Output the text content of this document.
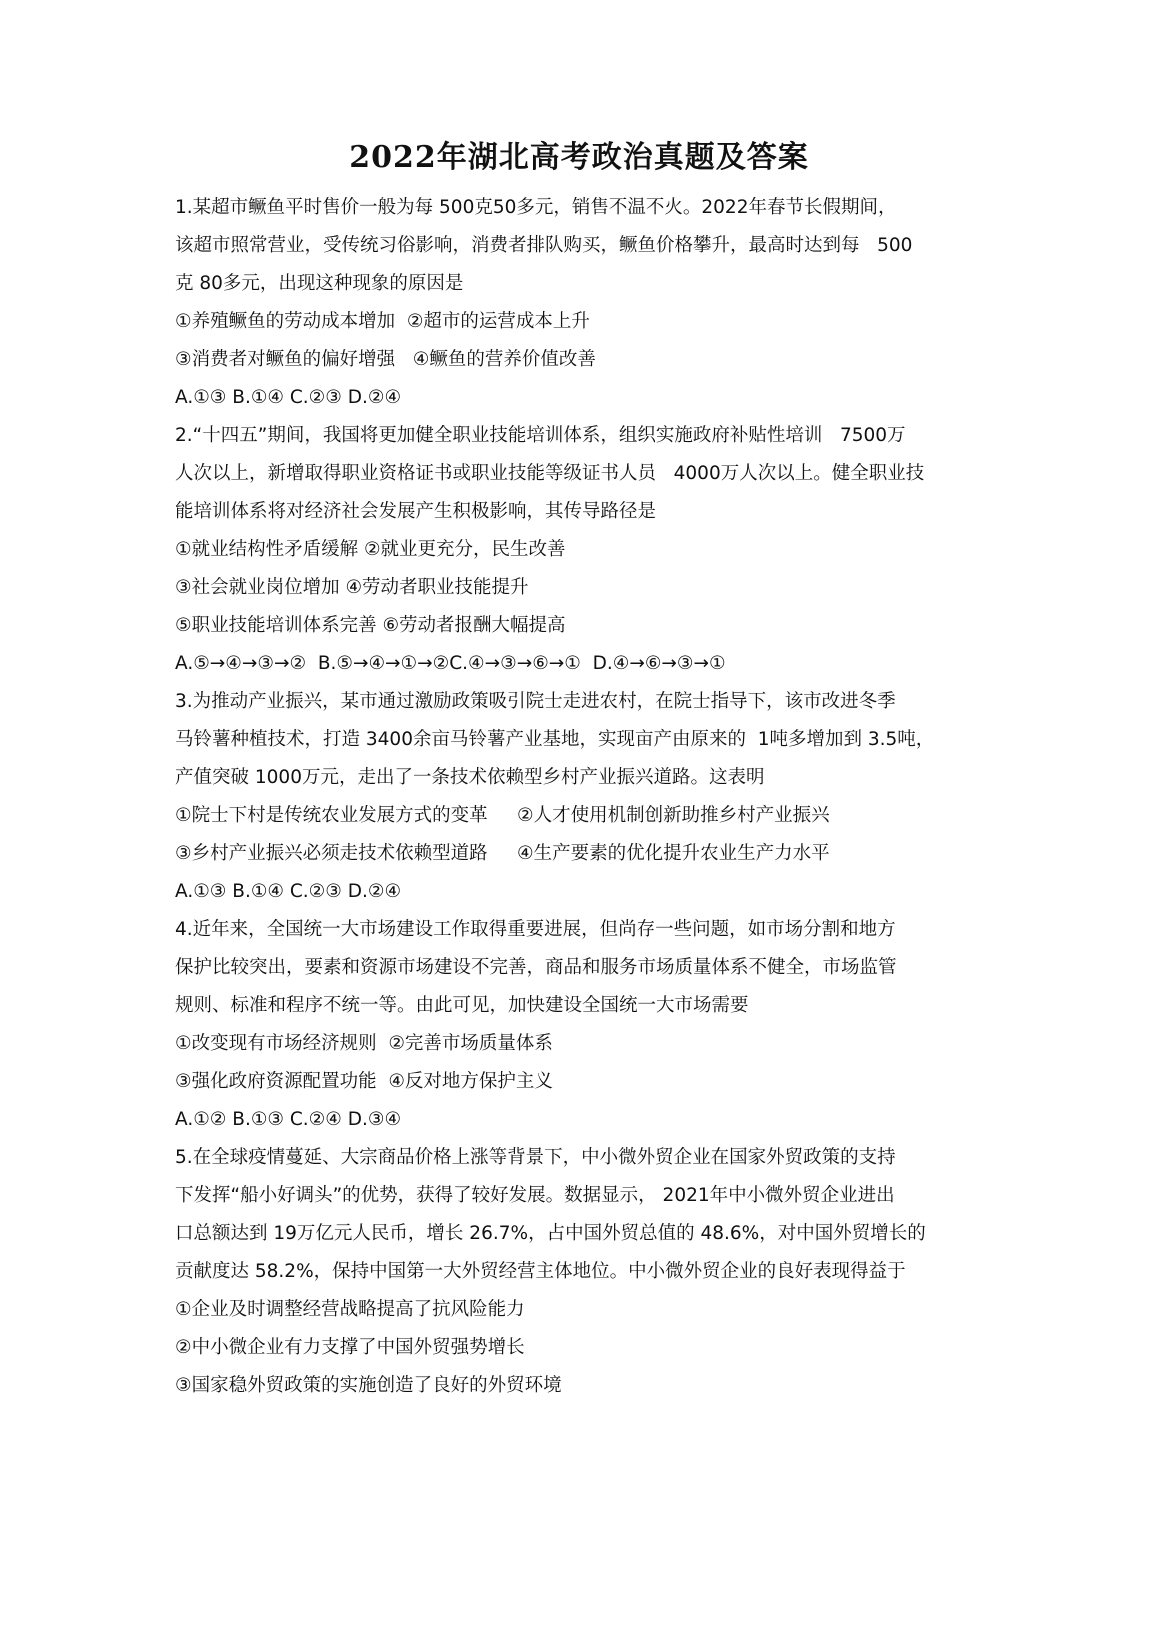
2022年湖北高考政治真题及答案
1.某超市鳜鱼平时售价一般为每 500克50多元，销售不温不火。2022年春节长假期间，
该超市照常营业，受传统习俗影响，消费者排队购买，鳜鱼价格攀升，最高时达到每   500
克 80多元，出现这种现象的原因是
①养殖鳜鱼的劳动成本增加  ②超市的运营成本上升
③消费者对鳜鱼的偏好增强   ④鳜鱼的营养价值改善
A.①③ B.①④ C.②③ D.②④
2.“十四五”期间，我国将更加健全职业技能培训体系，组织实施政府补贴性培训   7500万
人次以上，新增取得职业资格证书或职业技能等级证书人员   4000万人次以上。健全职业技
能培训体系将对经济社会发展产生积极影响，其传导路径是
①就业结构性矛盾缓解 ②就业更充分，民生改善
③社会就业岗位增加 ④劳动者职业技能提升
⑤职业技能培训体系完善 ⑥劳动者报酬大幅提高
A.⑤→④→③→②  B.⑤→④→①→②C.④→③→⑥→①  D.④→⑥→③→①
3.为推动产业振兴，某市通过激励政策吸引院士走进农村，在院士指导下，该市改进冬季
马铃薯种植技术，打造 3400余亩马铃薯产业基地，实现亩产由原来的  1吨多增加到 3.5吨，
产值突破 1000万元，走出了一条技术依赖型乡村产业振兴道路。这表明
①院士下村是传统农业发展方式的变革     ②人才使用机制创新助推乡村产业振兴
③乡村产业振兴必须走技术依赖型道路     ④生产要素的优化提升农业生产力水平
A.①③ B.①④ C.②③ D.②④
4.近年来，全国统一大市场建设工作取得重要进展，但尚存一些问题，如市场分割和地方
保护比较突出，要素和资源市场建设不完善，商品和服务市场质量体系不健全，市场监管
规则、标准和程序不统一等。由此可见，加快建设全国统一大市场需要
①改变现有市场经济规则  ②完善市场质量体系
③强化政府资源配置功能  ④反对地方保护主义
A.①② B.①③ C.②④ D.③④
5.在全球疫情蔓延、大宗商品价格上涨等背景下，中小微外贸企业在国家外贸政策的支持
下发挥“船小好调头”的优势，获得了较好发展。数据显示， 2021年中小微外贸企业进出
口总额达到 19万亿元人民币，增长 26.7%，占中国外贸总值的 48.6%，对中国外贸增长的
贡献度达 58.2%，保持中国第一大外贸经营主体地位。中小微外贸企业的良好表现得益于
①企业及时调整经营战略提高了抗风险能力
②中小微企业有力支撑了中国外贸强势增长
③国家稳外贸政策的实施创造了良好的外贸环境
